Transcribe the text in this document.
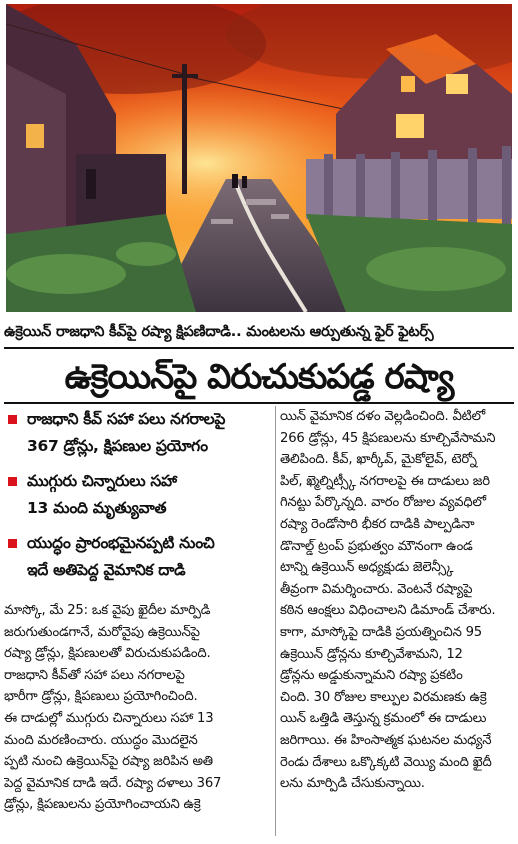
ఉక్రెయిన్ రాజధాని కీవ్‌పై రష్యా క్షిపణిదాడి.. మంటలను ఆర్పుతున్న ఫైర్ ఫైటర్స్
ఉక్రెయిన్‌పై విరుచుకుపడ్డ రష్యా
రాజధాని కీవ్ సహా పలు నగరాలపై
367 డ్రోన్లు, క్షిపణుల ప్రయోగం
ముగ్గురు చిన్నారులు సహా
13 మంది మృత్యువాత
యుద్ధం ప్రారంభమైనప్పటి నుంచి
ఇదే అతిపెద్ద వైమానిక దాడి
మాస్కో, మే 25: ఒక వైపు ఖైదీల మార్పిడి
జరుగుతుండగానే, మరోవైపు ఉక్రెయిన్‌పై
రష్యా డ్రోన్లు, క్షిపణులతో విరుచుకుపడింది.
రాజధాని కీవ్‌తో సహా పలు నగరాలపై
భారీగా డ్రోన్లు, క్షిపణులు ప్రయోగించింది.
ఈ దాడుల్లో ముగ్గురు చిన్నారులు సహా 13
మంది మరణించారు. యుద్ధం మొదలైన
ప్పటి నుంచి ఉక్రెయిన్‌పై రష్యా జరిపిన అతి
పెద్ద వైమానిక దాడి ఇదే. రష్యా దళాలు 367
డ్రోన్లు, క్షిపణులను ప్రయోగించాయని ఉక్రె
యిన్ వైమానిక దళం వెల్లడించింది. వీటిలో
266 డ్రోన్లు, 45 క్షిపణులను కూల్చివేసామని
తెలిపింది. కీవ్, ఖార్కీవ్, మైకోలైవ్, టెర్నో
పిల్, ఖ్మెల్నిట్స్కీ నగరాలపై ఈ దాడులు జరి
గినట్టు పేర్కొన్నది. వారం రోజుల వ్యవధిలో
రష్యా రెండోసారి భీకర దాడికి పాల్పడినా
డొనాల్డ్ ట్రంప్ ప్రభుత్వం మౌనంగా ఉండ
టాన్ని ఉక్రెయిన్ అధ్యక్షుడు జెలెన్స్కీ
తీవ్రంగా విమర్శించారు. వెంటనే రష్యాపై
కఠిన ఆంక్షలు విధించాలని డిమాండ్ చేశారు.
కాగా, మాస్కోపై దాడికి ప్రయత్నించిన 95
ఉక్రెయిన్ డ్రోన్లను కూల్చివేశామని, 12
డ్రోన్లను అడ్డుకున్నామని రష్యా ప్రకటిం
చింది. 30 రోజుల కాల్పుల విరమణకు ఉక్రె
యిన్ ఒత్తిడి తెస్తున్న క్రమంలో ఈ దాడులు
జరిగాయి. ఈ హింసాత్మక ఘటనల మధ్యనే
రెండు దేశాలు ఒక్కొక్కటి వెయ్యి మంది ఖైదీ
లను మార్పిడి చేసుకున్నాయి.
